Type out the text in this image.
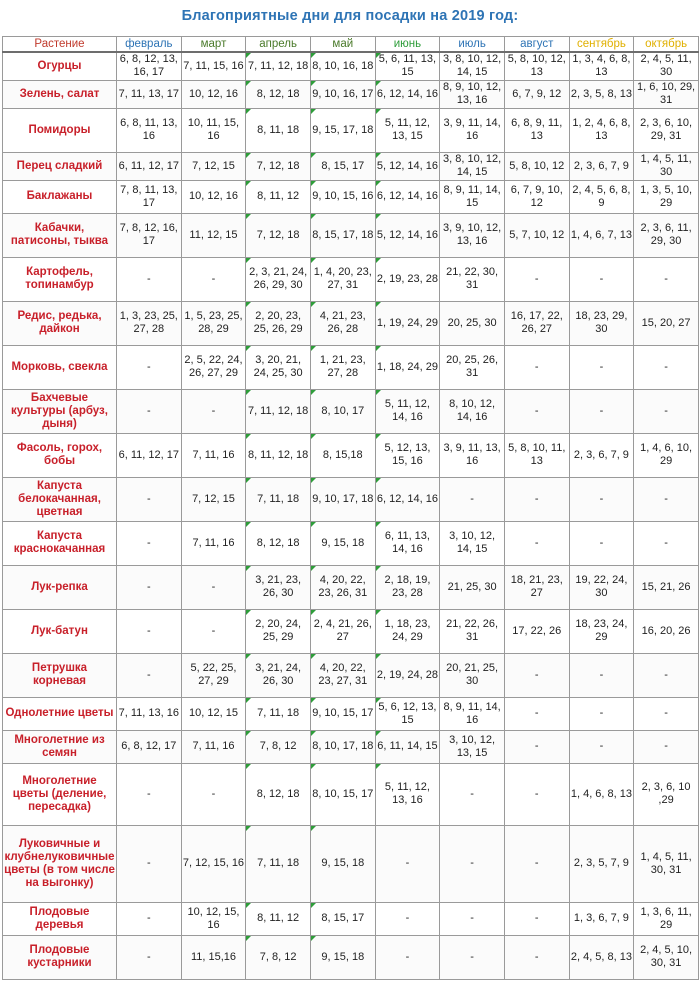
Благоприятные дни для посадки на 2019 год:
Растение	февраль	март	апрель	май	июнь	июль	август	сентябрь	октябрь
Огурцы	6, 8, 12, 13, 16, 17	7, 11, 15, 16	7, 11, 12, 18	8, 10, 16, 18	5, 6, 11, 13, 15	3, 8, 10, 12, 14, 15	5, 8, 10, 12, 13	1, 3, 4, 6, 8, 13	2, 4, 5, 11, 30
Зелень, салат	7, 11, 13, 17	10, 12, 16	8, 12, 18	9, 10, 16, 17	6, 12, 14, 16	8, 9, 10, 12, 13, 16	6, 7, 9, 12	2, 3, 5, 8, 13	1, 6, 10, 29, 31
Помидоры	6, 8, 11, 13, 16	10, 11, 15, 16	8, 11, 18	9, 15, 17, 18	5, 11, 12, 13, 15	3, 9, 11, 14, 16	6, 8, 9, 11, 13	1, 2, 4, 6, 8, 13	2, 3, 6, 10, 29, 31
Перец сладкий	6, 11, 12, 17	7, 12, 15	7, 12, 18	8, 15, 17	5, 12, 14, 16	3, 8, 10, 12, 14, 15	5, 8, 10, 12	2, 3, 6, 7, 9	1, 4, 5, 11, 30
Баклажаны	7, 8, 11, 13, 17	10, 12, 16	8, 11, 12	9, 10, 15, 16	6, 12, 14, 16	8, 9, 11, 14, 15	6, 7, 9, 10, 12	2, 4, 5, 6, 8, 9	1, 3, 5, 10, 29
Кабачки, патисоны, тыква	7, 8, 12, 16, 17	11, 12, 15	7, 12, 18	8, 15, 17, 18	5, 12, 14, 16	3, 9, 10, 12, 13, 16	5, 7, 10, 12	1, 4, 6, 7, 13	2, 3, 6, 11, 29, 30
Картофель, топинамбур	-	-	2, 3, 21, 24, 26, 29, 30	1, 4, 20, 23, 27, 31	2, 19, 23, 28	21, 22, 30, 31	-	-	-
Редис, редька, дайкон	1, 3, 23, 25, 27, 28	1, 5, 23, 25, 28, 29	2, 20, 23, 25, 26, 29	4, 21, 23, 26, 28	1, 19, 24, 29	20, 25, 30	16, 17, 22, 26, 27	18, 23, 29, 30	15, 20, 27
Морковь, свекла	-	2, 5, 22, 24, 26, 27, 29	3, 20, 21, 24, 25, 30	1, 21, 23, 27, 28	1, 18, 24, 29	20, 25, 26, 31	-	-	-
Бахчевые культуры (арбуз, дыня)	-	-	7, 11, 12, 18	8, 10, 17	5, 11, 12, 14, 16	8, 10, 12, 14, 16	-	-	-
Фасоль, горох, бобы	6, 11, 12, 17	7, 11, 16	8, 11, 12, 18	8, 15,18	5, 12, 13, 15, 16	3, 9, 11, 13, 16	5, 8, 10, 11, 13	2, 3, 6, 7, 9	1, 4, 6, 10, 29
Капуста белокачанная, цветная	-	7, 12, 15	7, 11, 18	9, 10, 17, 18	6, 12, 14, 16	-	-	-	-
Капуста краснокачанная	-	7, 11, 16	8, 12, 18	9, 15, 18	6, 11, 13, 14, 16	3, 10, 12, 14, 15	-	-	-
Лук-репка	-	-	3, 21, 23, 26, 30	4, 20, 22, 23, 26, 31	2, 18, 19, 23, 28	21, 25, 30	18, 21, 23, 27	19, 22, 24, 30	15, 21, 26
Лук-батун	-	-	2, 20, 24, 25, 29	2, 4, 21, 26, 27	1, 18, 23, 24, 29	21, 22, 26, 31	17, 22, 26	18, 23, 24, 29	16, 20, 26
Петрушка корневая	-	5, 22, 25, 27, 29	3, 21, 24, 26, 30	4, 20, 22, 23, 27, 31	2, 19, 24, 28	20, 21, 25, 30	-	-	-
Однолетние цветы	7, 11, 13, 16	10, 12, 15	7, 11, 18	9, 10, 15, 17	5, 6, 12, 13, 15	8, 9, 11, 14, 16	-	-	-
Многолетние из семян	6, 8, 12, 17	7, 11, 16	7, 8, 12	8, 10, 17, 18	6, 11, 14, 15	3, 10, 12, 13, 15	-	-	-
Многолетние цветы (деление, пересадка)	-	-	8, 12, 18	8, 10, 15, 17	5, 11, 12, 13, 16	-	-	1, 4, 6, 8, 13	2, 3, 6, 10 ,29
Луковичные и клубнелуковичные цветы (в том числе на выгонку)	-	7, 12, 15, 16	7, 11, 18	9, 15, 18	-	-	-	2, 3, 5, 7, 9	1, 4, 5, 11, 30, 31
Плодовые деревья	-	10, 12, 15, 16	8, 11, 12	8, 15, 17	-	-	-	1, 3, 6, 7, 9	1, 3, 6, 11, 29
Плодовые кустарники	-	11, 15,16	7, 8, 12	9, 15, 18	-	-	-	2, 4, 5, 8, 13	2, 4, 5, 10, 30, 31
